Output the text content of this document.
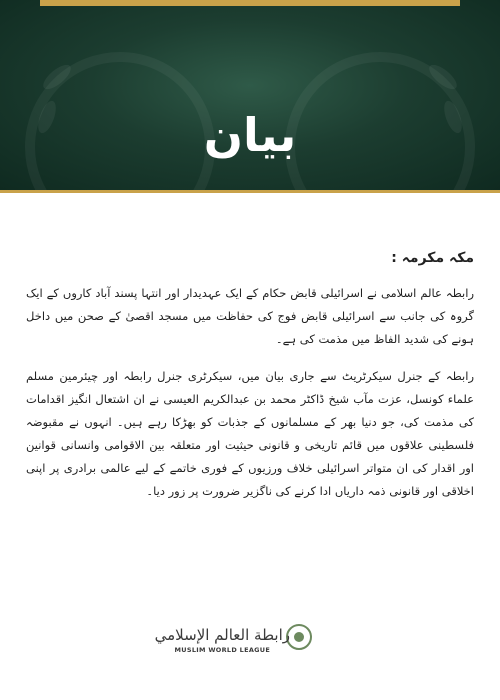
بیان

مکہ مکرمہ :

رابطہ عالم اسلامی نے اسرائیلی قابض حکام کے ایک عہدیدار اور انتہا پسند آباد کاروں کے ایک گروہ کی جانب سے اسرائیلی قابض فوج کی حفاظت میں مسجد اقصیٰ کے صحن میں داخل ہونے کی شدید الفاظ میں مذمت کی ہے۔

رابطہ کے جنرل سیکرٹریٹ سے جاری بیان میں، سیکرٹری جنرل رابطہ اور چیئرمین مسلم علماء کونسل، عزت مآب شیخ ڈاکٹر محمد بن عبدالکریم العیسی نے ان اشتعال انگیز اقدامات کی مذمت کی، جو دنیا بھر کے مسلمانوں کے جذبات کو بھڑکا رہے ہیں۔ انہوں نے مقبوضہ فلسطینی علاقوں میں قائم تاریخی و قانونی حیثیت اور متعلقہ بین الاقوامی وانسانی قوانین اور اقدار کی ان متواتر اسرائیلی خلاف ورزیوں کے فوری خاتمے کے لیے عالمی برادری پر اپنی اخلاقی اور قانونی ذمہ داریاں ادا کرنے کی ناگزیر ضرورت پر زور دیا۔

رابطة العالم الإسلامي
MUSLIM WORLD LEAGUE
